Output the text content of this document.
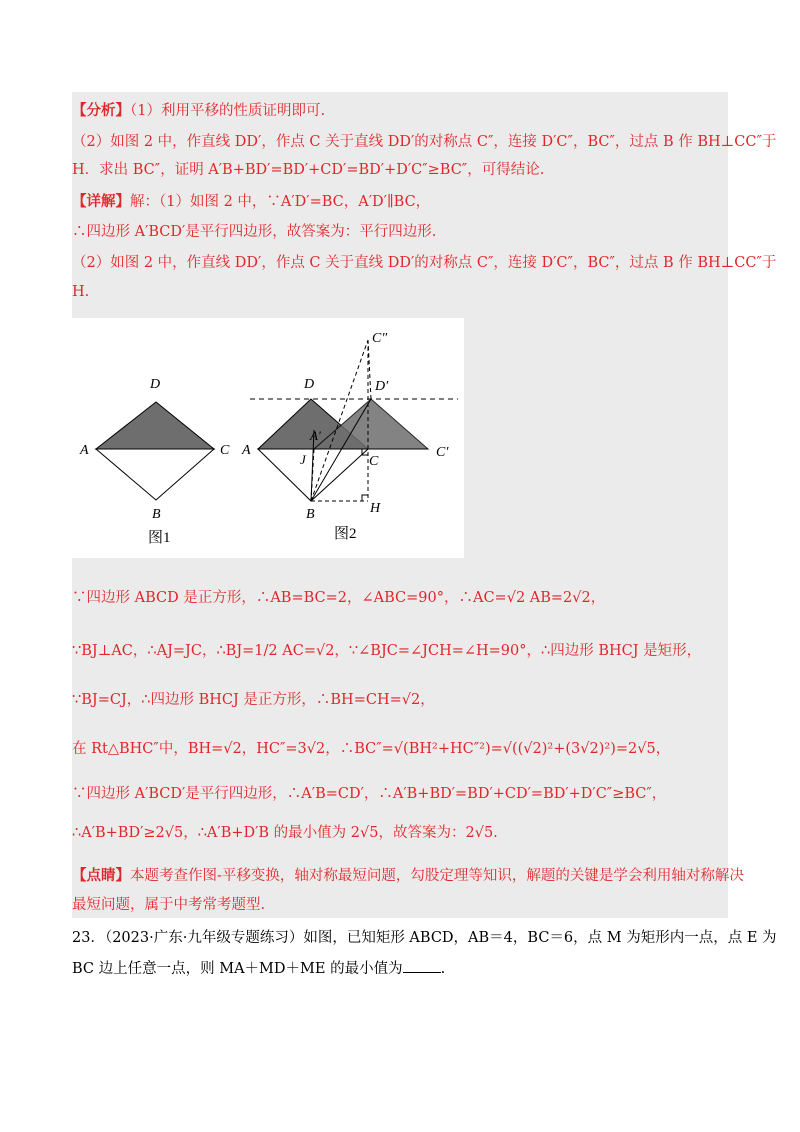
【分析】（1）利用平移的性质证明即可.
（2）如图 2 中，作直线 DD′，作点 C 关于直线 DD′的对称点 C″，连接 D′C″，BC″，过点 B 作 BH⊥CC″于
H．求出 BC″，证明 A′B+BD′=BD′+CD′=BD′+D′C″≥BC″，可得结论.
【详解】解：（1）如图 2 中，∵A′D′=BC，A′D′∥BC，
∴四边形 A′BCD′是平行四边形，故答案为：平行四边形.
（2）如图 2 中，作直线 DD′，作点 C 关于直线 DD′的对称点 C″，连接 D′C″，BC″，过点 B 作 BH⊥CC″于
H.
A
D
C
B
图1
A
D	D′
C″
A′
J	C
C′
B	H
图2
∵四边形 ABCD 是正方形，∴AB=BC=2，∠ABC=90°，∴AC=√2 AB=2√2，
∵BJ⊥AC，∴AJ=JC，∴BJ=1/2 AC=√2，∵∠BJC=∠JCH=∠H=90°，∴四边形 BHCJ 是矩形，
∵BJ=CJ，∴四边形 BHCJ 是正方形，∴BH=CH=√2，
在 Rt△BHC″中，BH=√2，HC″=3√2，∴BC″=√(BH²+HC″²)=√((√2)²+(3√2)²)=2√5，
∵四边形 A′BCD′是平行四边形，∴A′B=CD′，∴A′B+BD′=BD′+CD′=BD′+D′C″≥BC″，
∴A′B+BD′≥2√5，∴A′B+D′B 的最小值为 2√5，故答案为：2√5.
【点睛】本题考查作图-平移变换，轴对称最短问题，勾股定理等知识，解题的关键是学会利用轴对称解决
最短问题，属于中考常考题型.
23．（2023·广东·九年级专题练习）如图，已知矩形 ABCD，AB＝4，BC＝6，点 M 为矩形内一点，点 E 为
BC 边上任意一点，则 MA＋MD＋ME 的最小值为	.
